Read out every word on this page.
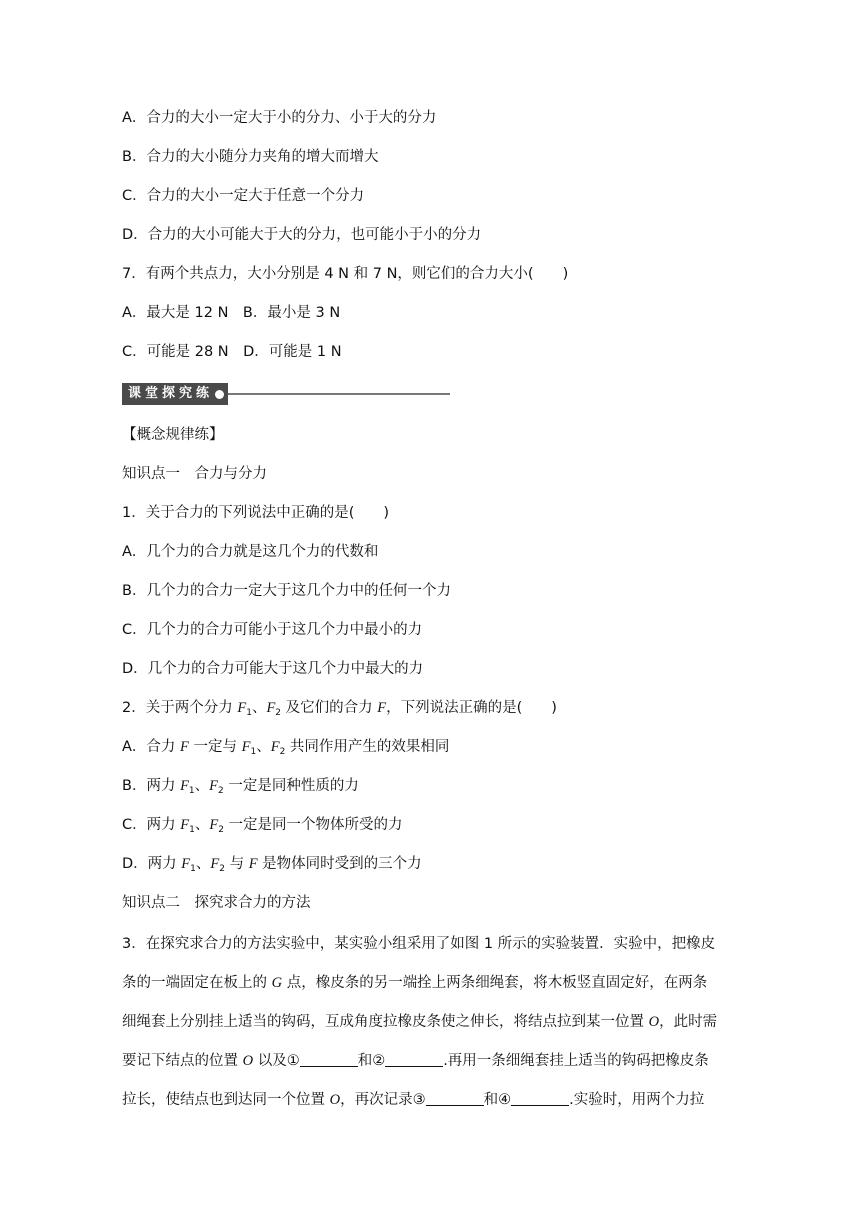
A．合力的大小一定大于小的分力、小于大的分力
B．合力的大小随分力夹角的增大而增大
C．合力的大小一定大于任意一个分力
D．合力的大小可能大于大的分力，也可能小于小的分力
7．有两个共点力，大小分别是 4 N 和 7 N，则它们的合力大小(　　)
A．最大是 12 N　B．最小是 3 N
C．可能是 28 N　D．可能是 1 N
课堂探究练
【概念规律练】
知识点一　合力与分力
1．关于合力的下列说法中正确的是(　　)
A．几个力的合力就是这几个力的代数和
B．几个力的合力一定大于这几个力中的任何一个力
C．几个力的合力可能小于这几个力中最小的力
D．几个力的合力可能大于这几个力中最大的力
2．关于两个分力 $F_1$、$F_2$ 及它们的合力 F，下列说法正确的是(　　)
A．合力 F 一定与 $F_1$、$F_2$ 共同作用产生的效果相同
B．两力 $F_1$、$F_2$ 一定是同种性质的力
C．两力 $F_1$、$F_2$ 一定是同一个物体所受的力
D．两力 $F_1$、$F_2$ 与 F 是物体同时受到的三个力
知识点二　探究求合力的方法
3．在探究求合力的方法实验中，某实验小组采用了如图 1 所示的实验装置．实验中，把橡皮
条的一端固定在板上的 G 点，橡皮条的另一端拴上两条细绳套，将木板竖直固定好，在两条
细绳套上分别挂上适当的钩码，互成角度拉橡皮条使之伸长，将结点拉到某一位置 O，此时需
要记下结点的位置 O 以及①	和②	.再用一条细绳套挂上适当的钩码把橡皮条
拉长，使结点也到达同一个位置 O，再次记录③	和④	.实验时，用两个力拉
